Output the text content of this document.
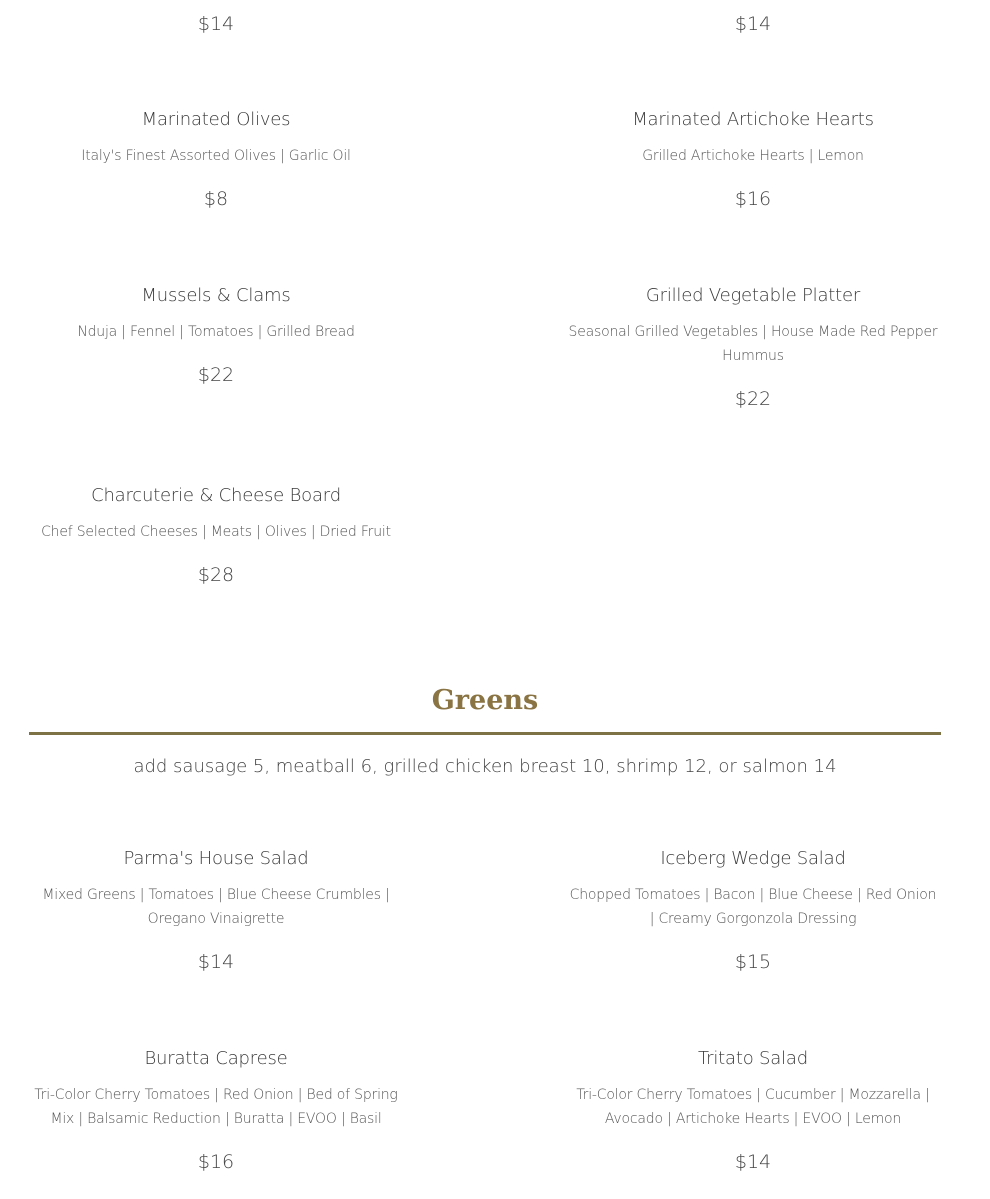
$14	$14
Marinated Olives
Italy's Finest Assorted Olives | Garlic Oil
$8
Marinated Artichoke Hearts
Grilled Artichoke Hearts | Lemon
$16
Mussels & Clams
Nduja | Fennel | Tomatoes | Grilled Bread
$22
Grilled Vegetable Platter
Seasonal Grilled Vegetables | House Made Red Pepper Hummus
$22
Charcuterie & Cheese Board
Chef Selected Cheeses | Meats | Olives | Dried Fruit
$28
Greens
add sausage 5, meatball 6, grilled chicken breast 10, shrimp 12, or salmon 14
Parma's House Salad
Mixed Greens | Tomatoes | Blue Cheese Crumbles | Oregano Vinaigrette
$14
Iceberg Wedge Salad
Chopped Tomatoes | Bacon | Blue Cheese | Red Onion | Creamy Gorgonzola Dressing
$15
Buratta Caprese
Tri-Color Cherry Tomatoes | Red Onion | Bed of Spring Mix | Balsamic Reduction | Buratta | EVOO | Basil
$16
Tritato Salad
Tri-Color Cherry Tomatoes | Cucumber | Mozzarella | Avocado | Artichoke Hearts | EVOO | Lemon
$14
